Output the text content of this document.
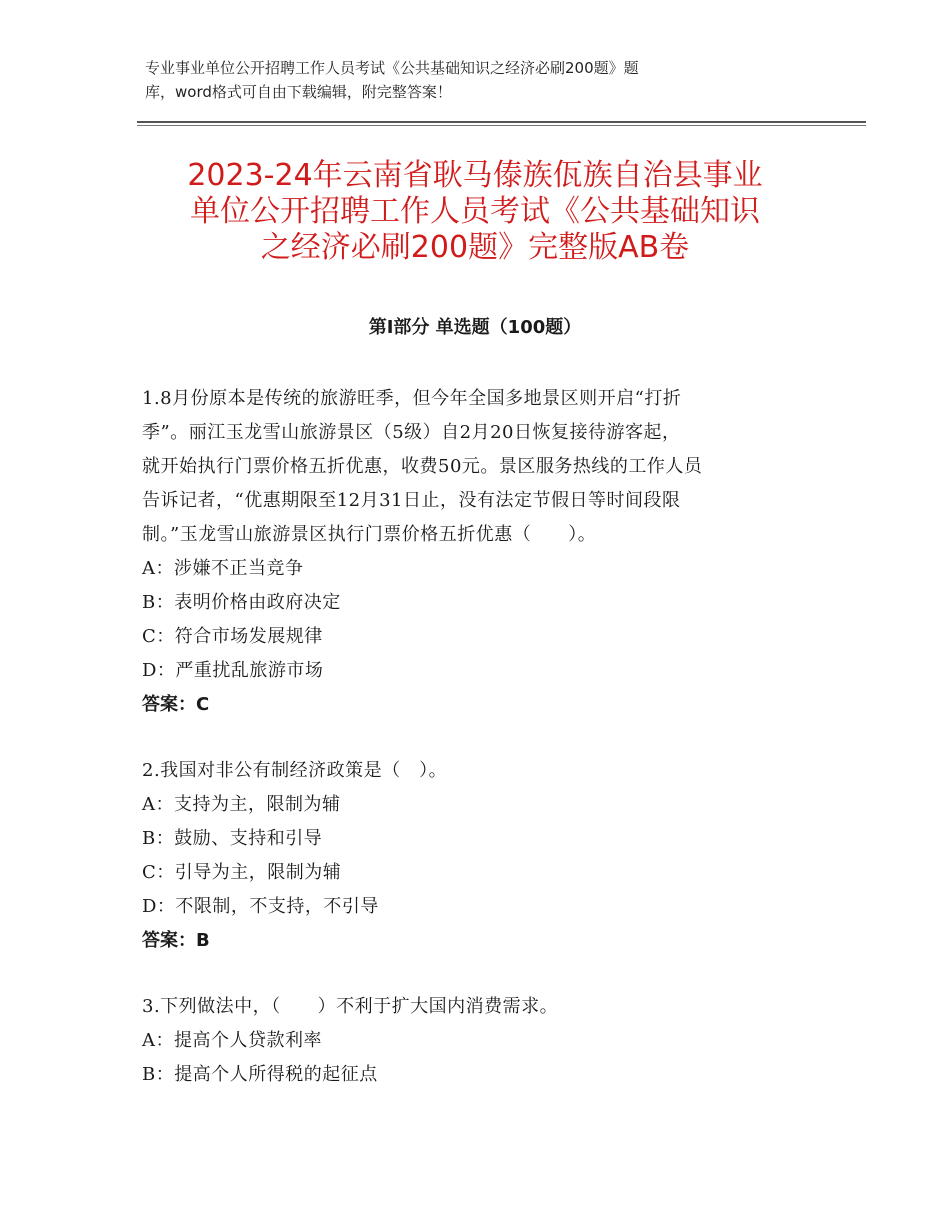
专业事业单位公开招聘工作人员考试《公共基础知识之经济必刷200题》题
库，word格式可自由下载编辑，附完整答案！
2023-24年云南省耿马傣族佤族自治县事业
单位公开招聘工作人员考试《公共基础知识
之经济必刷200题》完整版AB卷
第Ⅰ部分 单选题（100题）
1.8月份原本是传统的旅游旺季，但今年全国多地景区则开启“打折
季”。丽江玉龙雪山旅游景区（5级）自2月20日恢复接待游客起，
就开始执行门票价格五折优惠，收费50元。景区服务热线的工作人员
告诉记者，“优惠期限至12月31日止，没有法定节假日等时间段限
制。”玉龙雪山旅游景区执行门票价格五折优惠（　　）。
A：涉嫌不正当竞争
B：表明价格由政府决定
C：符合市场发展规律
D：严重扰乱旅游市场
答案：C
2.我国对非公有制经济政策是（　）。
A：支持为主，限制为辅
B：鼓励、支持和引导
C：引导为主，限制为辅
D：不限制，不支持，不引导
答案：B
3.下列做法中，（　　）不利于扩大国内消费需求。
A：提高个人贷款利率
B：提高个人所得税的起征点
